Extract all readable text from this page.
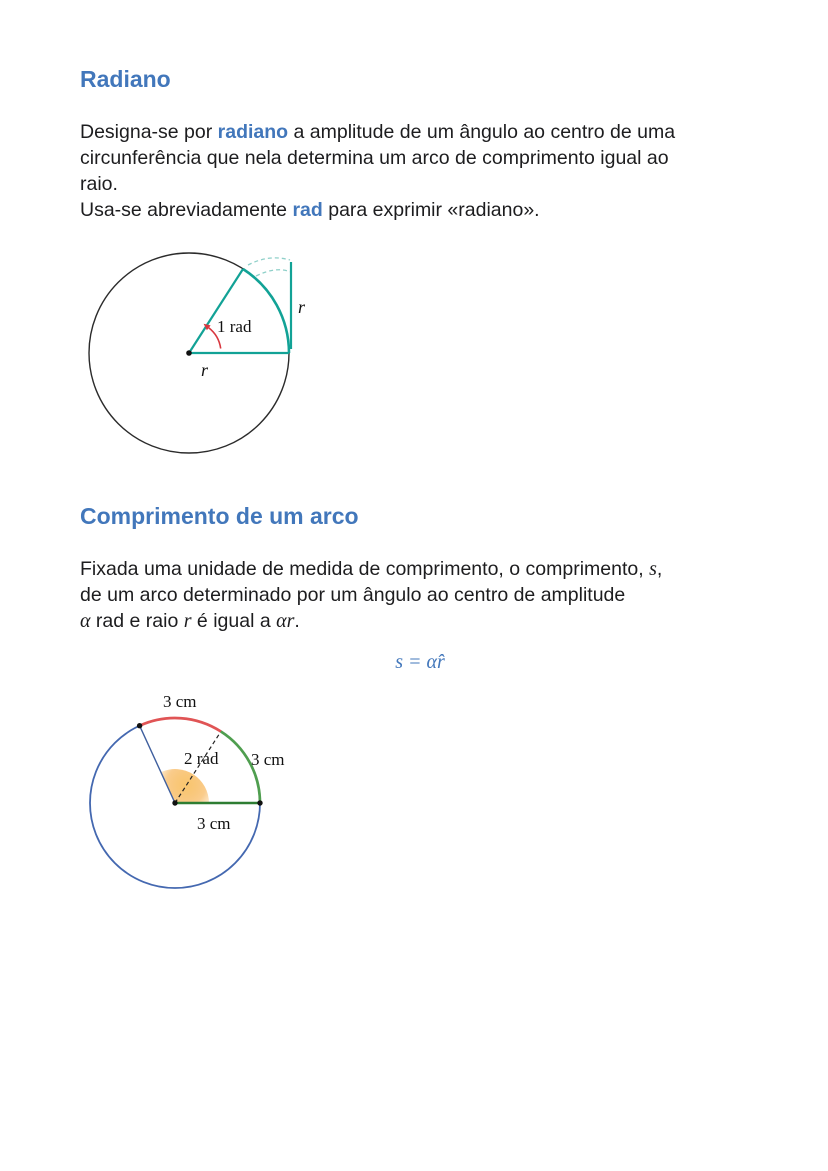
Radiano
Designa-se por radiano a amplitude de um ângulo ao centro de uma
circunferência que nela determina um arco de comprimento igual ao
raio.
Usa-se abreviadamente rad para exprimir «radiano».
1 rad
r
r
Comprimento de um arco
Fixada uma unidade de medida de comprimento, o comprimento, s,
de um arco determinado por um ângulo ao centro de amplitude
α rad e raio r é igual a αr.
s = α̂r
3 cm
3 cm
3 cm
2 rad
